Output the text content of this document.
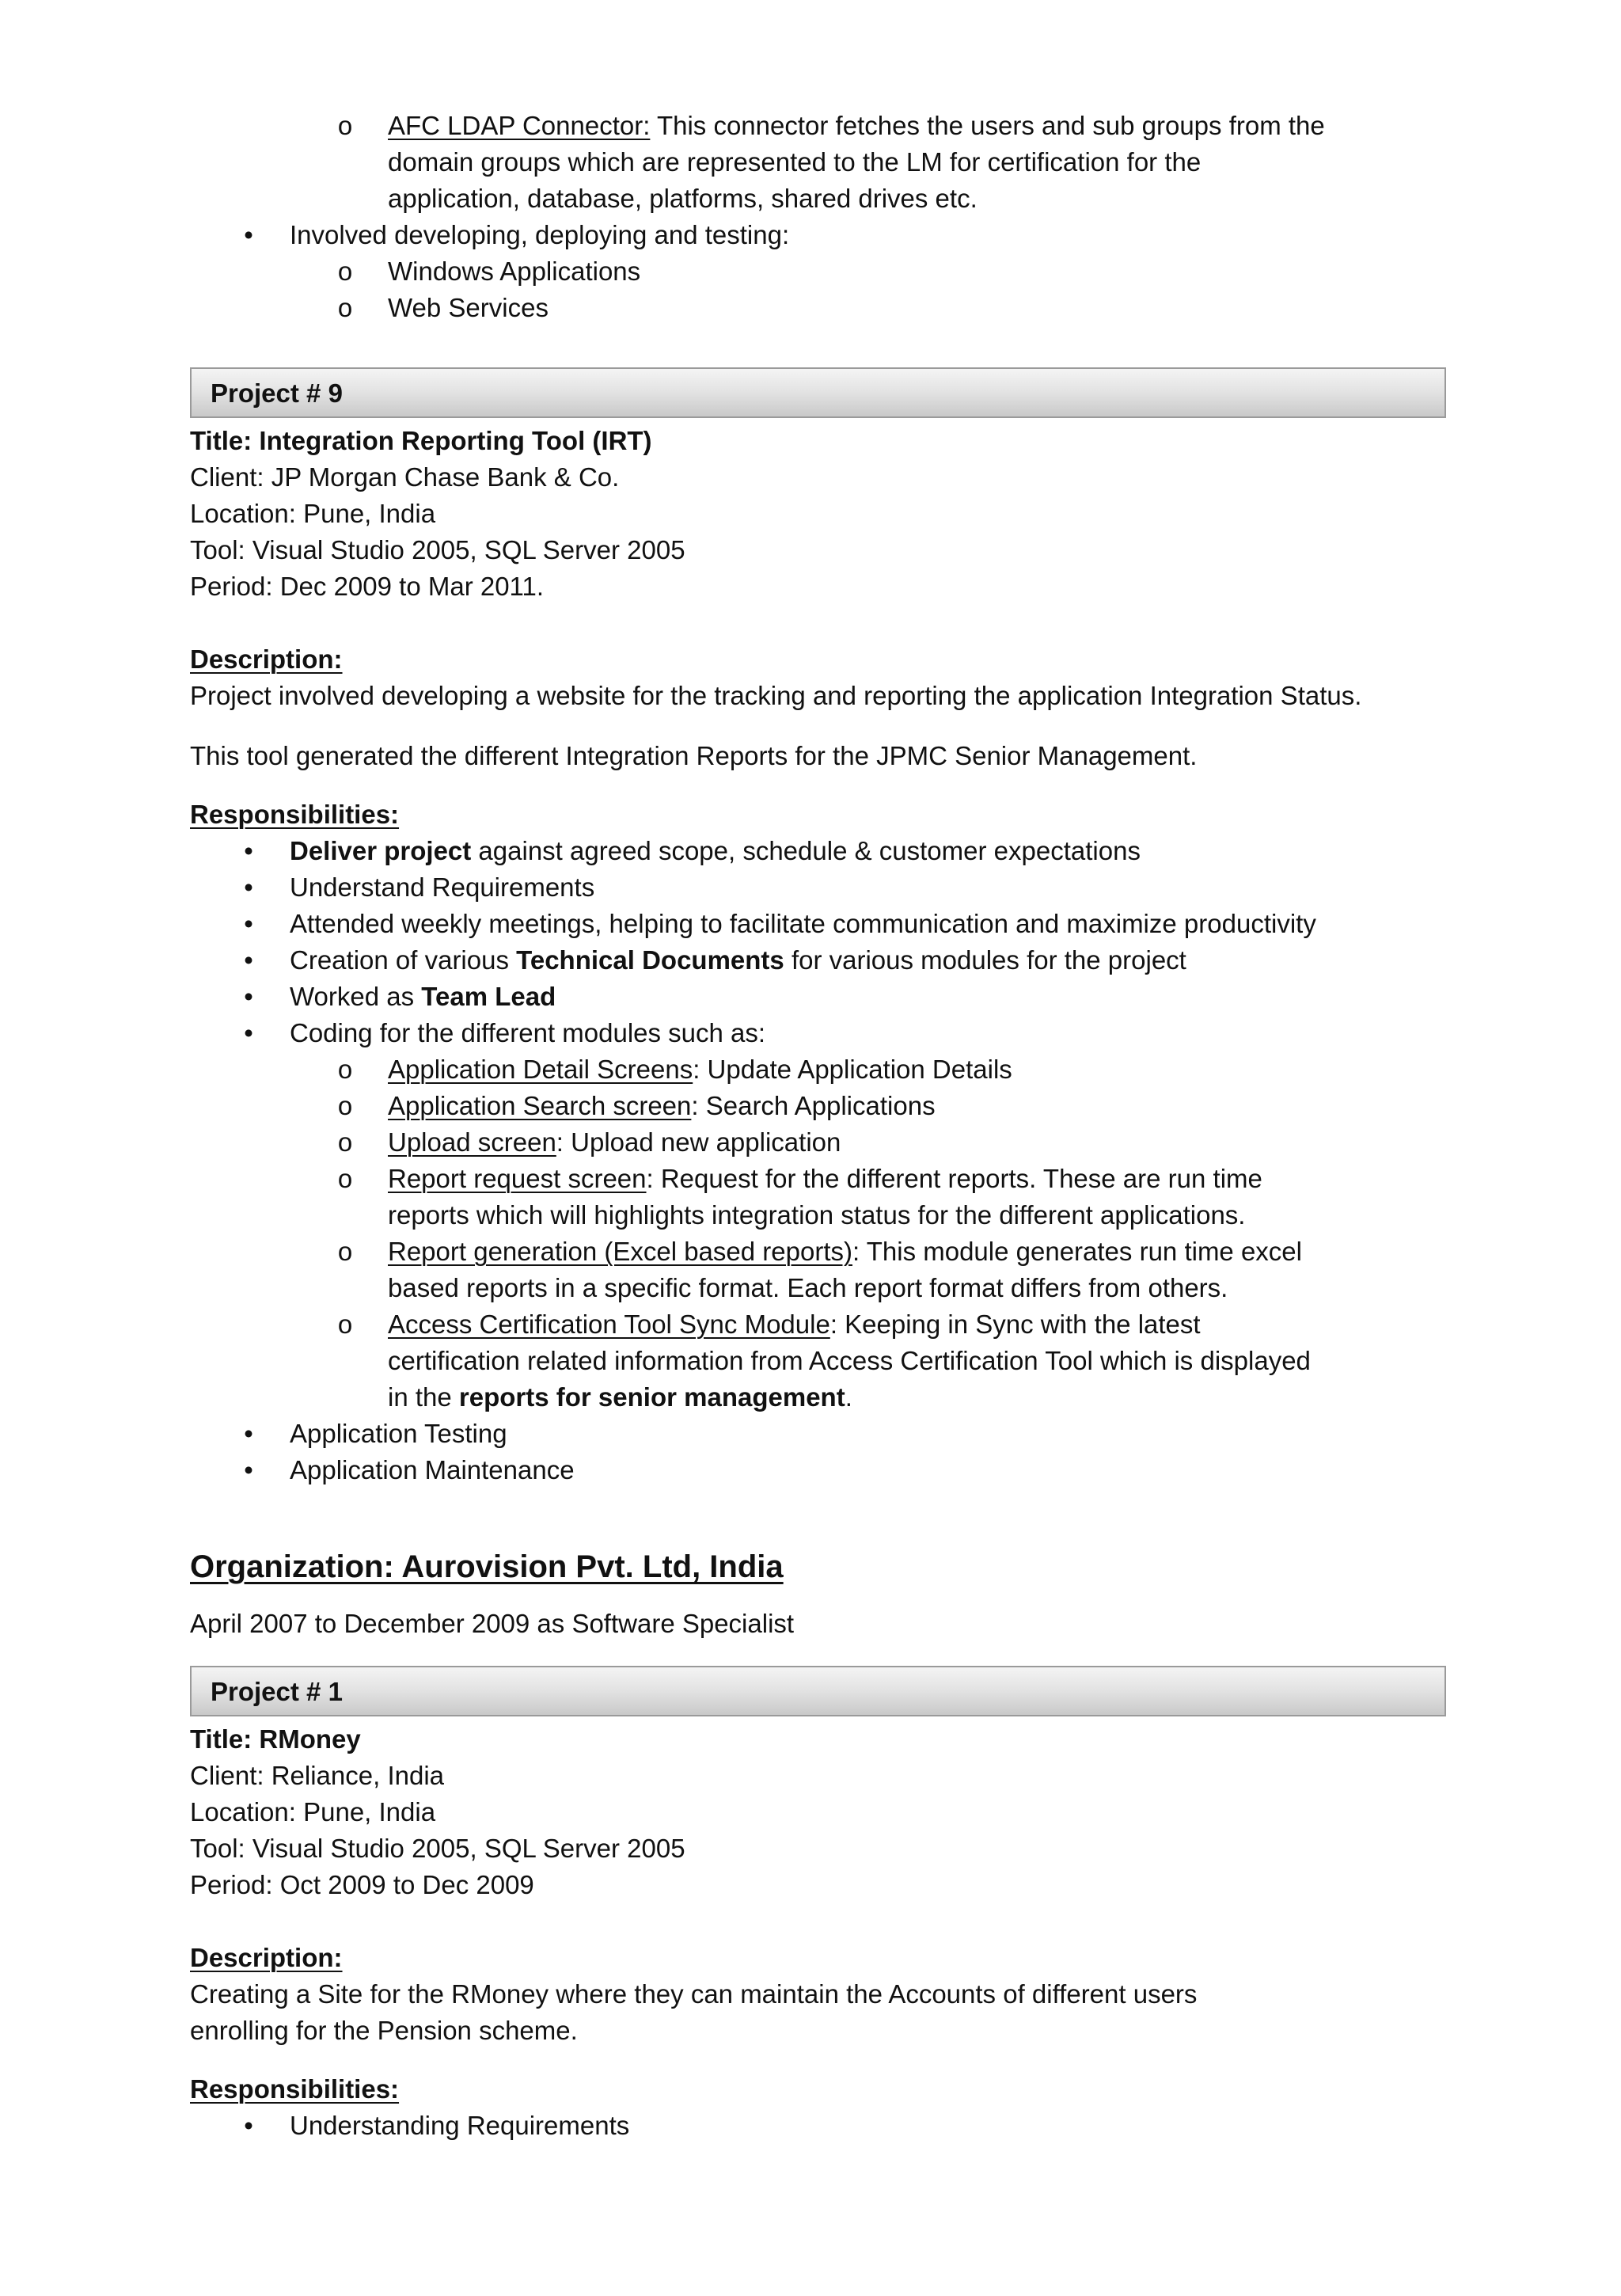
o AFC LDAP Connector: This connector fetches the users and sub groups from the
domain groups which are represented to the LM for certification for the
application, database, platforms, shared drives etc.
• Involved developing, deploying and testing:
o Windows Applications
o Web Services
Project # 9
Title: Integration Reporting Tool (IRT)
Client: JP Morgan Chase Bank & Co.
Location: Pune, India
Tool: Visual Studio 2005, SQL Server 2005
Period: Dec 2009 to Mar 2011.
Description:
Project involved developing a website for the tracking and reporting the application Integration Status.
This tool generated the different Integration Reports for the JPMC Senior Management.
Responsibilities:
• Deliver project against agreed scope, schedule & customer expectations
• Understand Requirements
• Attended weekly meetings, helping to facilitate communication and maximize productivity
• Creation of various Technical Documents for various modules for the project
• Worked as Team Lead
• Coding for the different modules such as:
o Application Detail Screens: Update Application Details
o Application Search screen: Search Applications
o Upload screen: Upload new application
o Report request screen: Request for the different reports. These are run time
reports which will highlights integration status for the different applications.
o Report generation (Excel based reports): This module generates run time excel
based reports in a specific format. Each report format differs from others.
o Access Certification Tool Sync Module: Keeping in Sync with the latest
certification related information from Access Certification Tool which is displayed
in the reports for senior management.
• Application Testing
• Application Maintenance
Organization: Aurovision Pvt. Ltd, India
April 2007 to December 2009 as Software Specialist
Project # 1
Title: RMoney
Client: Reliance, India
Location: Pune, India
Tool: Visual Studio 2005, SQL Server 2005
Period: Oct 2009 to Dec 2009
Description:
Creating a Site for the RMoney where they can maintain the Accounts of different users
enrolling for the Pension scheme.
Responsibilities:
• Understanding Requirements
